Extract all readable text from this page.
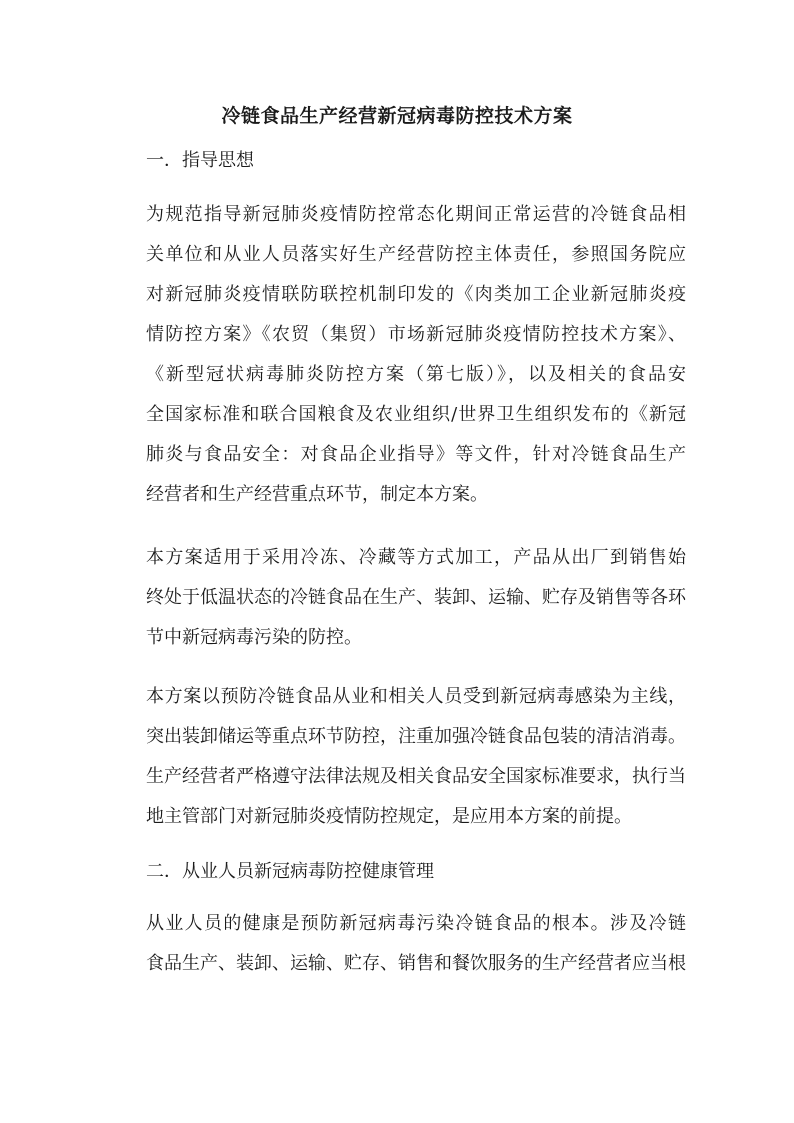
冷链食品生产经营新冠病毒防控技术方案
一．指导思想
为规范指导新冠肺炎疫情防控常态化期间正常运营的冷链食品相
关单位和从业人员落实好生产经营防控主体责任，参照国务院应
对新冠肺炎疫情联防联控机制印发的《肉类加工企业新冠肺炎疫
情防控方案》《农贸（集贸）市场新冠肺炎疫情防控技术方案》、
《新型冠状病毒肺炎防控方案（第七版）》，以及相关的食品安
全国家标准和联合国粮食及农业组织/世界卫生组织发布的《新冠
肺炎与食品安全：对食品企业指导》等文件，针对冷链食品生产
经营者和生产经营重点环节，制定本方案。
本方案适用于采用冷冻、冷藏等方式加工，产品从出厂到销售始
终处于低温状态的冷链食品在生产、装卸、运输、贮存及销售等各环
节中新冠病毒污染的防控。
本方案以预防冷链食品从业和相关人员受到新冠病毒感染为主线，
突出装卸储运等重点环节防控，注重加强冷链食品包装的清洁消毒。
生产经营者严格遵守法律法规及相关食品安全国家标准要求，执行当
地主管部门对新冠肺炎疫情防控规定，是应用本方案的前提。
二．从业人员新冠病毒防控健康管理
从业人员的健康是预防新冠病毒污染冷链食品的根本。涉及冷链
食品生产、装卸、运输、贮存、销售和餐饮服务的生产经营者应当根
